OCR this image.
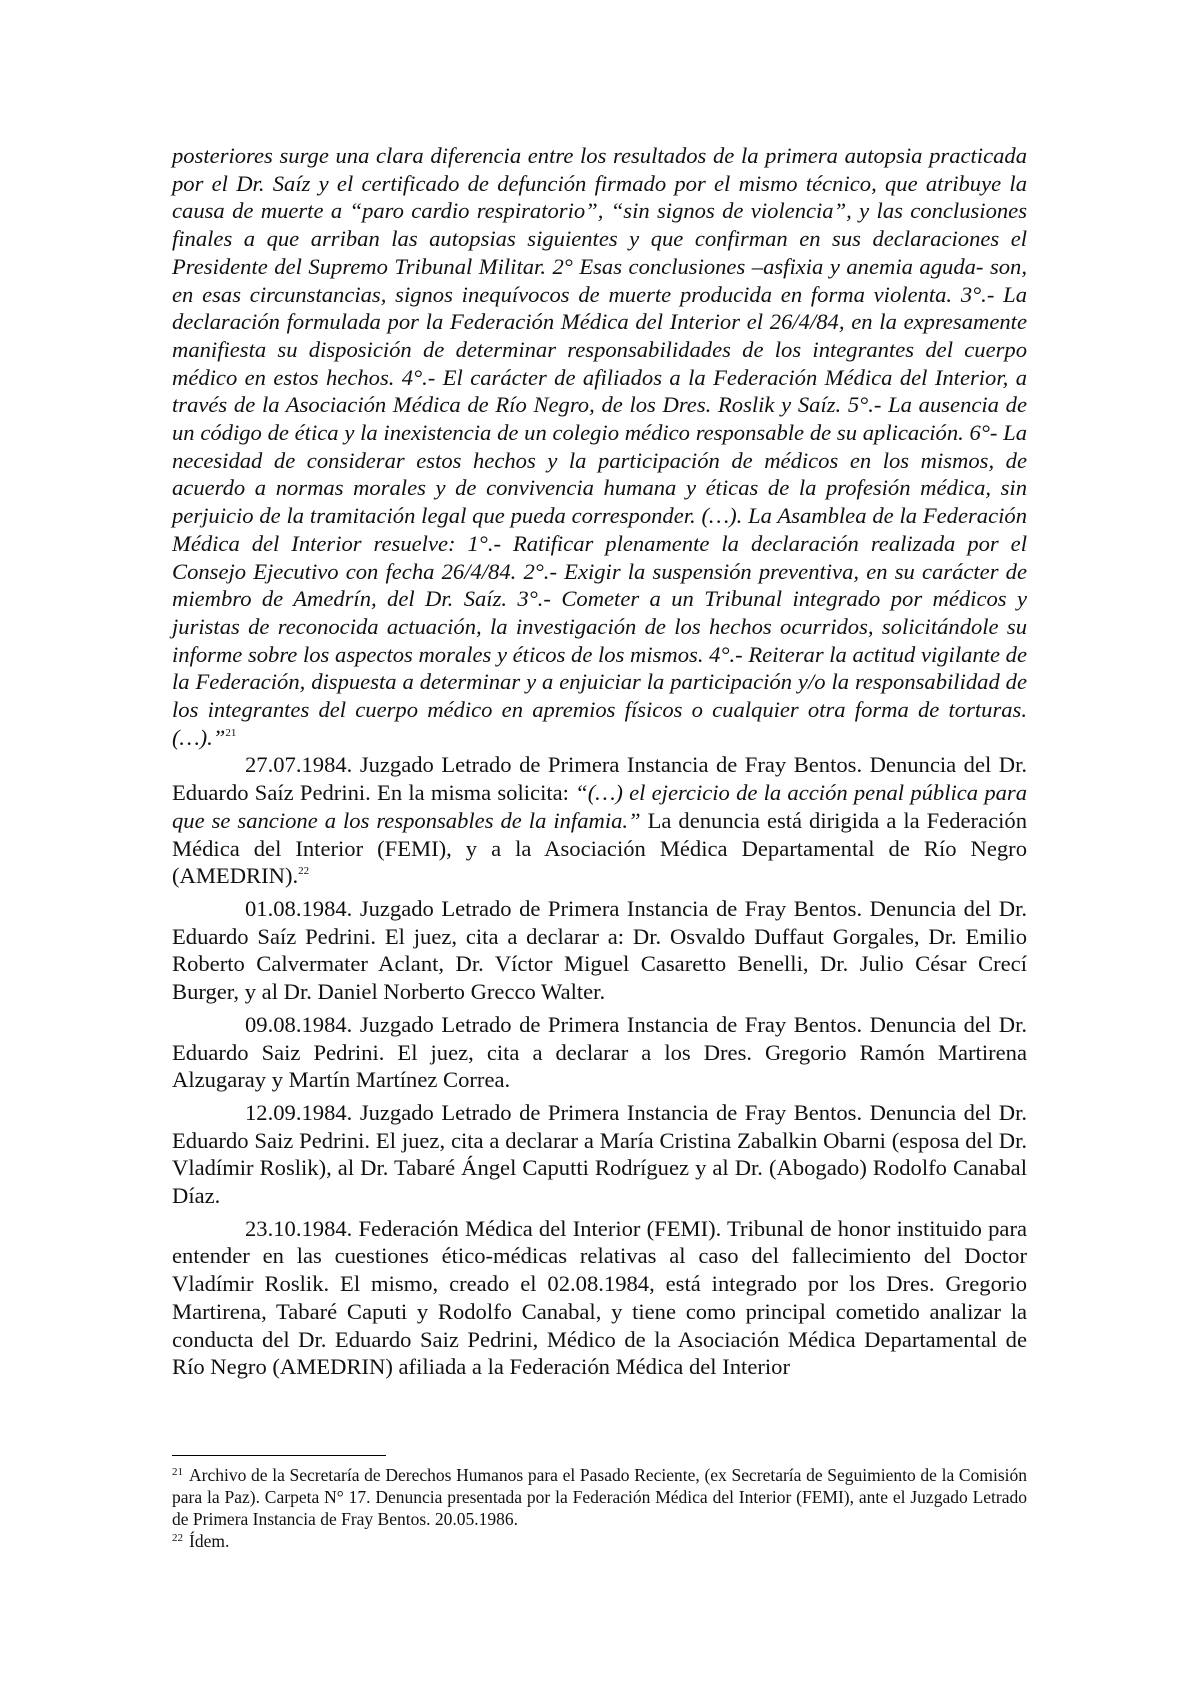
posteriores surge una clara diferencia entre los resultados de la primera autopsia practicada por el Dr. Saíz y el certificado de defunción firmado por el mismo técnico, que atribuye la causa de muerte a “paro cardio respiratorio”, “sin signos de violencia”, y las conclusiones finales a que arriban las autopsias siguientes y que confirman en sus declaraciones el Presidente del Supremo Tribunal Militar. 2° Esas conclusiones –asfixia y anemia aguda- son, en esas circunstancias, signos inequívocos de muerte producida en forma violenta. 3°.- La declaración formulada por la Federación Médica del Interior el 26/4/84, en la expresamente manifiesta su disposición de determinar responsabilidades de los integrantes del cuerpo médico en estos hechos. 4°.- El carácter de afiliados a la Federación Médica del Interior, a través de la Asociación Médica de Río Negro, de los Dres. Roslik y Saíz. 5°.- La ausencia de un código de ética y la inexistencia de un colegio médico responsable de su aplicación. 6°- La necesidad de considerar estos hechos y la participación de médicos en los mismos, de acuerdo a normas morales y de convivencia humana y éticas de la profesión médica, sin perjuicio de la tramitación legal que pueda corresponder. (…). La Asamblea de la Federación Médica del Interior resuelve: 1°.- Ratificar plenamente la declaración realizada por el Consejo Ejecutivo con fecha 26/4/84. 2°.- Exigir la suspensión preventiva, en su carácter de miembro de Amedrín, del Dr. Saíz. 3°.- Cometer a un Tribunal integrado por médicos y juristas de reconocida actuación, la investigación de los hechos ocurridos, solicitándole su informe sobre los aspectos morales y éticos de los mismos. 4°.- Reiterar la actitud vigilante de la Federación, dispuesta a determinar y a enjuiciar la participación y/o la responsabilidad de los integrantes del cuerpo médico en apremios físicos o cualquier otra forma de torturas. (…).”$^{21}$

27.07.1984. Juzgado Letrado de Primera Instancia de Fray Bentos. Denuncia del Dr. Eduardo Saíz Pedrini. En la misma solicita: “(…) el ejercicio de la acción penal pública para que se sancione a los responsables de la infamia.” La denuncia está dirigida a la Federación Médica del Interior (FEMI), y a la Asociación Médica Departamental de Río Negro (AMEDRIN).$^{22}$

01.08.1984. Juzgado Letrado de Primera Instancia de Fray Bentos. Denuncia del Dr. Eduardo Saíz Pedrini. El juez, cita a declarar a: Dr. Osvaldo Duffaut Gorgales, Dr. Emilio Roberto Calvermater Aclant, Dr. Víctor Miguel Casaretto Benelli, Dr. Julio César Crecí Burger, y al Dr. Daniel Norberto Grecco Walter.

09.08.1984. Juzgado Letrado de Primera Instancia de Fray Bentos. Denuncia del Dr. Eduardo Saiz Pedrini. El juez, cita a declarar a los Dres. Gregorio Ramón Martirena Alzugaray y Martín Martínez Correa.

12.09.1984. Juzgado Letrado de Primera Instancia de Fray Bentos. Denuncia del Dr. Eduardo Saiz Pedrini. El juez, cita a declarar a María Cristina Zabalkin Obarni (esposa del Dr. Vladímir Roslik), al Dr. Tabaré Ángel Caputti Rodríguez y al Dr. (Abogado) Rodolfo Canabal Díaz.

23.10.1984. Federación Médica del Interior (FEMI). Tribunal de honor instituido para entender en las cuestiones ético-médicas relativas al caso del fallecimiento del Doctor Vladímir Roslik. El mismo, creado el 02.08.1984, está integrado por los Dres. Gregorio Martirena, Tabaré Caputi y Rodolfo Canabal, y tiene como principal cometido analizar la conducta del Dr. Eduardo Saiz Pedrini, Médico de la Asociación Médica Departamental de Río Negro (AMEDRIN) afiliada a la Federación Médica del Interior

$^{21}$ Archivo de la Secretaría de Derechos Humanos para el Pasado Reciente, (ex Secretaría de Seguimiento de la Comisión para la Paz). Carpeta N° 17. Denuncia presentada por la Federación Médica del Interior (FEMI), ante el Juzgado Letrado de Primera Instancia de Fray Bentos. 20.05.1986.

$^{22}$ Ídem.
